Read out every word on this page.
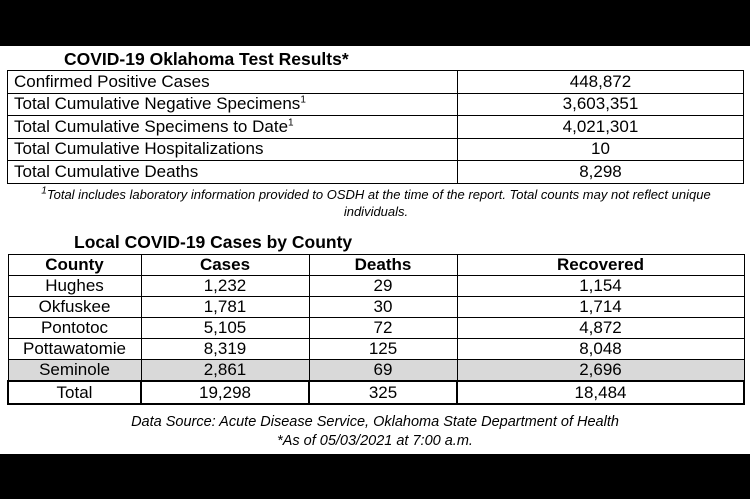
COVID-19 Oklahoma Test Results*
Confirmed Positive Cases	448,872
Total Cumulative Negative Specimens$^1$	3,603,351
Total Cumulative Specimens to Date$^1$	4,021,301
Total Cumulative Hospitalizations	10
Total Cumulative Deaths	8,298
$^1$Total includes laboratory information provided to OSDH at the time of the report. Total counts may not reflect unique individuals.
Local COVID-19 Cases by County
County	Cases	Deaths	Recovered
Hughes	1,232	29	1,154
Okfuskee	1,781	30	1,714
Pontotoc	5,105	72	4,872
Pottawatomie	8,319	125	8,048
Seminole	2,861	69	2,696
Total	19,298	325	18,484
Data Source: Acute Disease Service, Oklahoma State Department of Health
*As of 05/03/2021 at 7:00 a.m.
